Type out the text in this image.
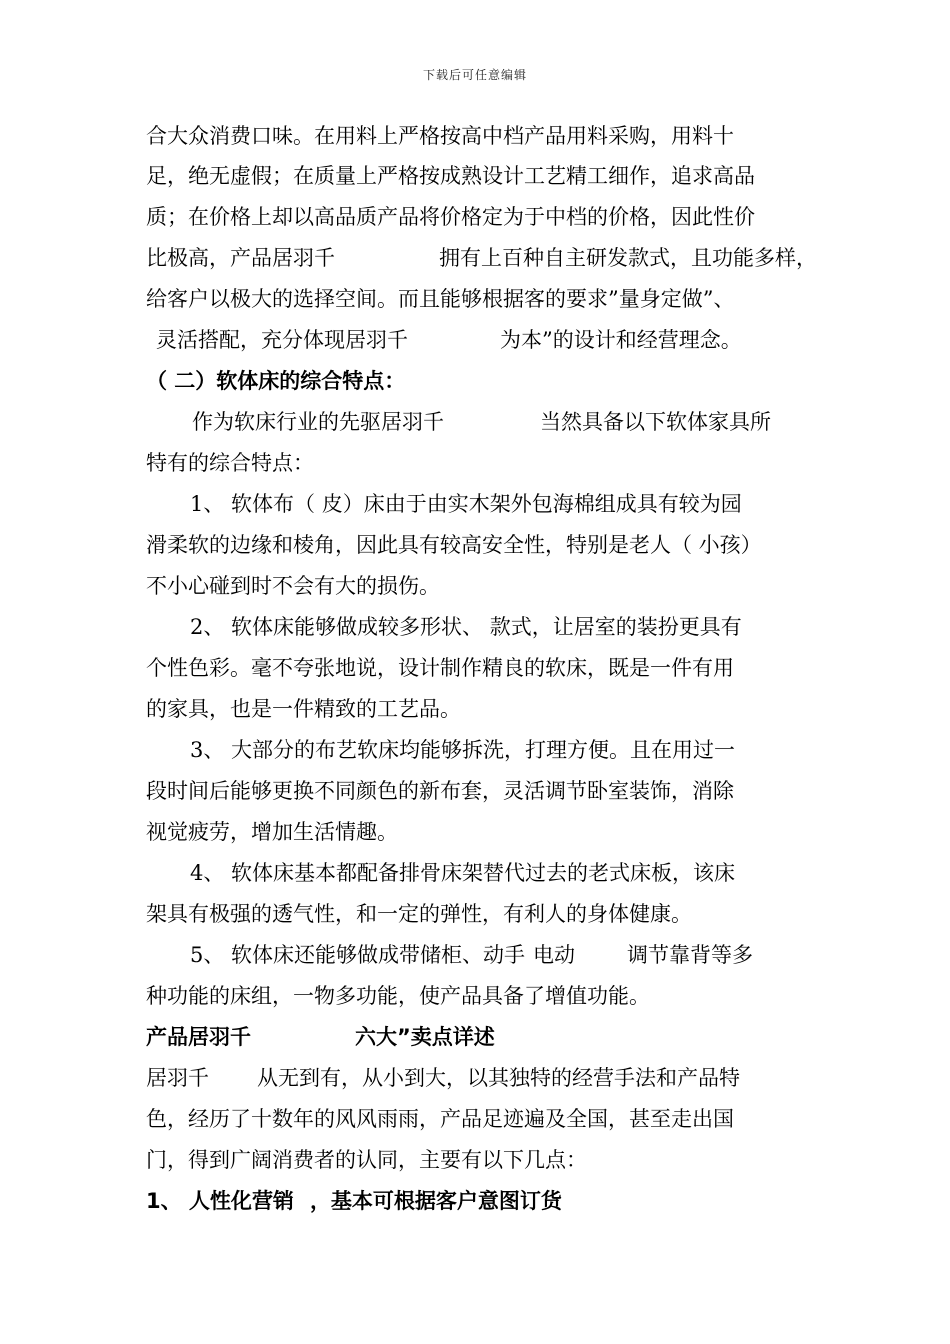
下载后可任意编辑
合大众消费口味。在用料上严格按高中档产品用料采购，用料十
足，绝无虚假；在质量上严格按成熟设计工艺精工细作，追求高品
质；在价格上却以高品质产品将价格定为于中档的价格，因此性价
比极高，产品居羽千	拥有上百种自主研发款式，且功能多样，
给客户以极大的选择空间。而且能够根据客的要求”量身定做”、
灵活搭配，充分体现居羽千	为本”的设计和经营理念。
（ 二）软体床的综合特点：
作为软床行业的先驱居羽千	当然具备以下软体家具所
特有的综合特点：
1、 软体布（ 皮）床由于由实木架外包海棉组成具有较为园
滑柔软的边缘和棱角，因此具有较高安全性，特别是老人（ 小孩）
不小心碰到时不会有大的损伤。
2、 软体床能够做成较多形状、 款式，让居室的装扮更具有
个性色彩。毫不夸张地说，设计制作精良的软床，既是一件有用
的家具，也是一件精致的工艺品。
3、 大部分的布艺软床均能够拆洗，打理方便。且在用过一
段时间后能够更换不同颜色的新布套，灵活调节卧室装饰，消除
视觉疲劳，增加生活情趣。
4、 软体床基本都配备排骨床架替代过去的老式床板，该床
架具有极强的透气性，和一定的弹性，有利人的身体健康。
5、 软体床还能够做成带储柜、动手 电动 调节靠背等多
种功能的床组，一物多功能，使产品具备了增值功能。
产品居羽千	六大”卖点详述
居羽千 从无到有，从小到大，以其独特的经营手法和产品特
色，经历了十数年的风风雨雨，产品足迹遍及全国，甚至走出国
门，得到广阔消费者的认同，主要有以下几点：
1、 人性化营销 ，基本可根据客户意图订货
